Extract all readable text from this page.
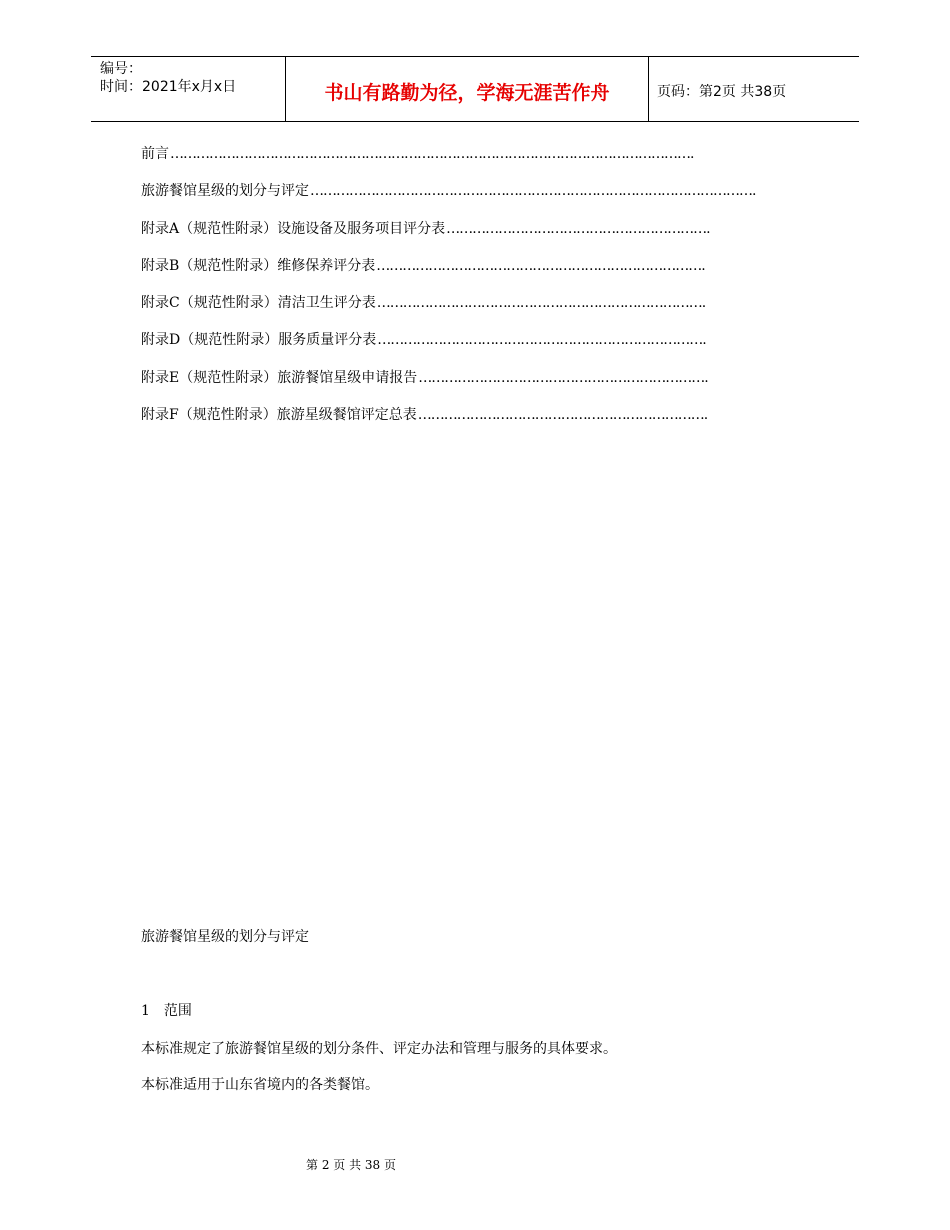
编号：
时间：2021年x月x日	书山有路勤为径，学海无涯苦作舟	页码：第2页 共38页
前言 ………………………………………………………………………………………………………… .
旅游餐馆星级的划分与评定 ………………………………………………………………………………………… .
附录A（规范性附录）设施设备及服务项目评分表 …………………………………………………… .
附录B（规范性附录）维修保养评分表 ………………………………………………………………… .
附录C（规范性附录）清洁卫生评分表 ………………………………………………………………… .
附录D（规范性附录）服务质量评分表 ………………………………………………………………… .
附录E（规范性附录）旅游餐馆星级申请报告 ………………………………………………………… .
附录F（规范性附录）旅游星级餐馆评定总表 ………………………………………………………… .
旅游餐馆星级的划分与评定
1　范围
本标准规定了旅游餐馆星级的划分条件、评定办法和管理与服务的具体要求。
本标准适用于山东省境内的各类餐馆。
第 2 页 共 38 页
